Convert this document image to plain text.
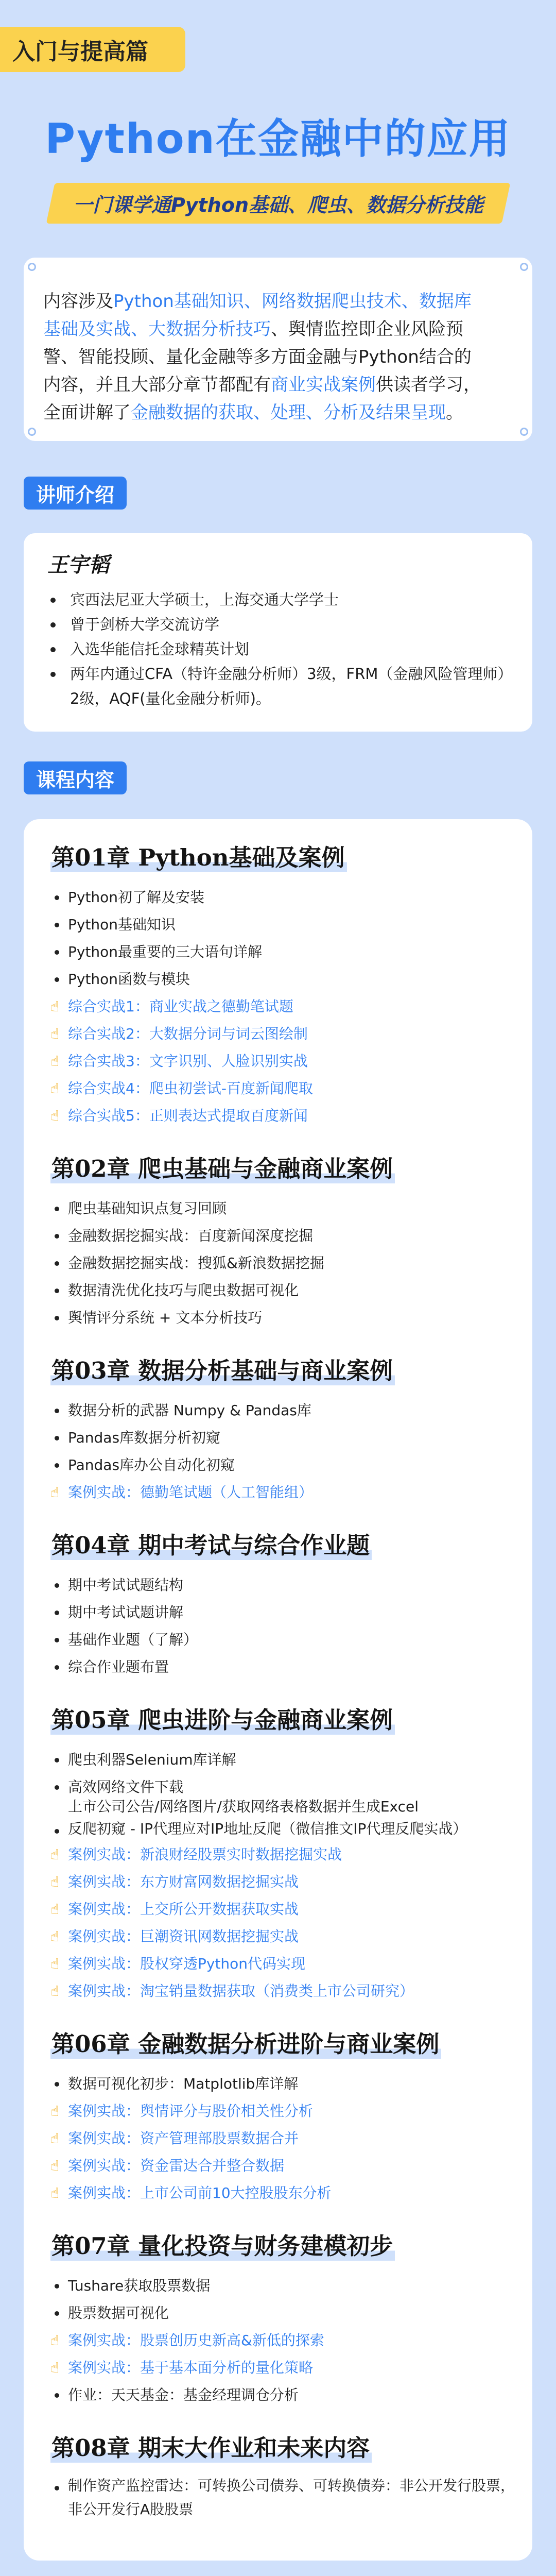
入门与提高篇
Python在金融中的应用
一门课学通Python基础、爬虫、数据分析技能
内容涉及Python基础知识、网络数据爬虫技术、数据库
基础及实战、大数据分析技巧、舆情监控即企业风险预
警、智能投顾、量化金融等多方面金融与Python结合的
内容，并且大部分章节都配有商业实战案例供读者学习，
全面讲解了金融数据的获取、处理、分析及结果呈现。
讲师介绍
王宇韬
宾西法尼亚大学硕士，上海交通大学学士
曾于剑桥大学交流访学
入选华能信托金球精英计划
两年内通过CFA（特许金融分析师）3级，FRM（金融风险管理师）
2级，AQF(量化金融分析师)。
课程内容
第01章 Python基础及案例
Python初了解及安装
Python基础知识
Python最重要的三大语句详解
Python函数与模块
☝ 综合实战1：商业实战之德勤笔试题
☝ 综合实战2：大数据分词与词云图绘制
☝ 综合实战3：文字识别、人脸识别实战
☝ 综合实战4：爬虫初尝试-百度新闻爬取
☝ 综合实战5：正则表达式提取百度新闻
第02章 爬虫基础与金融商业案例
爬虫基础知识点复习回顾
金融数据挖掘实战：百度新闻深度挖掘
金融数据挖掘实战：搜狐&新浪数据挖掘
数据清洗优化技巧与爬虫数据可视化
舆情评分系统 + 文本分析技巧
第03章 数据分析基础与商业案例
数据分析的武器 Numpy & Pandas库
Pandas库数据分析初窥
Pandas库办公自动化初窥
☝ 案例实战：德勤笔试题（人工智能组）
第04章 期中考试与综合作业题
期中考试试题结构
期中考试试题讲解
基础作业题（了解）
综合作业题布置
第05章 爬虫进阶与金融商业案例
爬虫利器Selenium库详解
高效网络文件下载
上市公司公告/网络图片/获取网络表格数据并生成Excel
反爬初窥 - IP代理应对IP地址反爬（微信推文IP代理反爬实战）
☝ 案例实战：新浪财经股票实时数据挖掘实战
☝ 案例实战：东方财富网数据挖掘实战
☝ 案例实战：上交所公开数据获取实战
☝ 案例实战：巨潮资讯网数据挖掘实战
☝ 案例实战：股权穿透Python代码实现
☝ 案例实战：淘宝销量数据获取（消费类上市公司研究）
第06章 金融数据分析进阶与商业案例
数据可视化初步：Matplotlib库详解
☝ 案例实战：舆情评分与股价相关性分析
☝ 案例实战：资产管理部股票数据合并
☝ 案例实战：资金雷达合并整合数据
☝ 案例实战：上市公司前10大控股股东分析
第07章 量化投资与财务建模初步
Tushare获取股票数据
股票数据可视化
☝ 案例实战：股票创历史新高&新低的探索
☝ 案例实战：基于基本面分析的量化策略
作业：天天基金：基金经理调仓分析
第08章 期末大作业和未来内容
制作资产监控雷达：可转换公司债券、可转换债券：非公开发行股票，非公开发行A股股票
